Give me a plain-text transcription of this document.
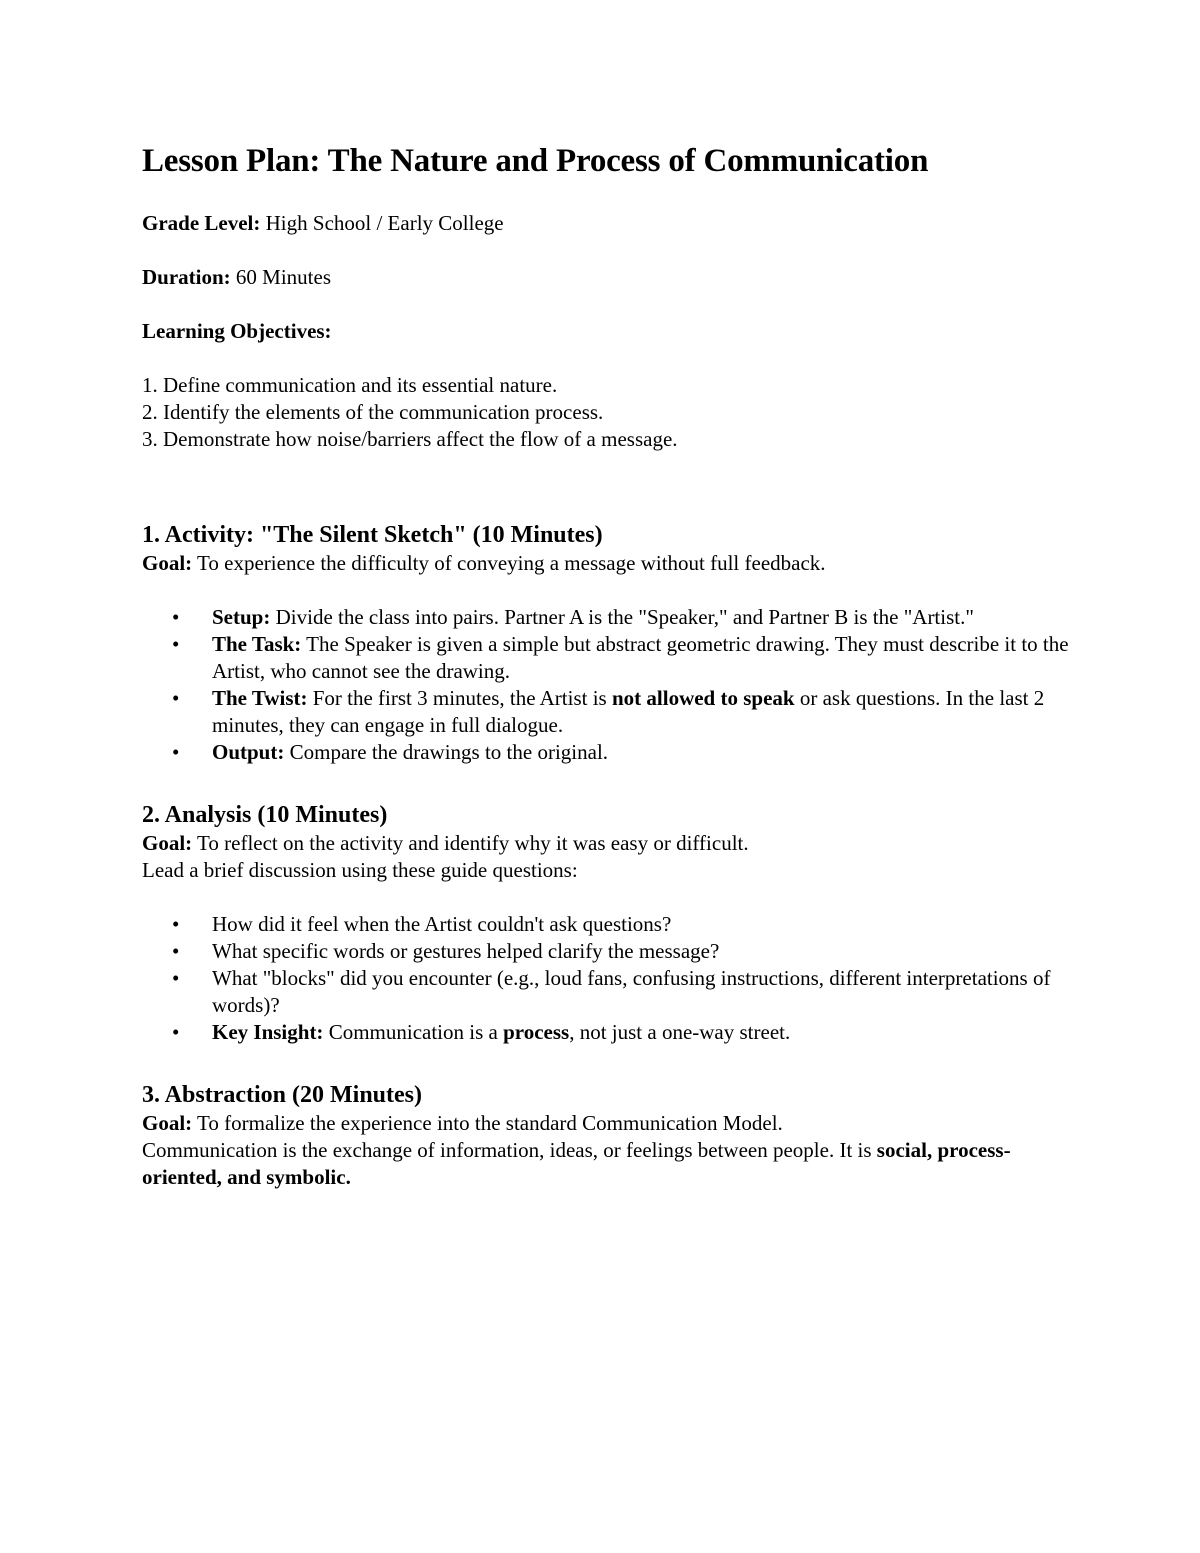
Lesson Plan: The Nature and Process of Communication

Grade Level: High School / Early College

Duration: 60 Minutes

Learning Objectives:

1. Define communication and its essential nature.
2. Identify the elements of the communication process.
3. Demonstrate how noise/barriers affect the flow of a message.
1. Activity: "The Silent Sketch" (10 Minutes)

Goal: To experience the difficulty of conveying a message without full feedback.

• Setup: Divide the class into pairs. Partner A is the "Speaker," and Partner B is the "Artist."
• The Task: The Speaker is given a simple but abstract geometric drawing. They must describe it to the Artist, who cannot see the drawing.
• The Twist: For the first 3 minutes, the Artist is not allowed to speak or ask questions. In the last 2 minutes, they can engage in full dialogue.
• Output: Compare the drawings to the original.
2. Analysis (10 Minutes)

Goal: To reflect on the activity and identify why it was easy or difficult.

Lead a brief discussion using these guide questions:

• How did it feel when the Artist couldn't ask questions?
• What specific words or gestures helped clarify the message?
• What "blocks" did you encounter (e.g., loud fans, confusing instructions, different interpretations of words)?
• Key Insight: Communication is a process, not just a one-way street.
3. Abstraction (20 Minutes)

Goal: To formalize the experience into the standard Communication Model.

Communication is the exchange of information, ideas, or feelings between people. It is social, process-oriented, and symbolic.
